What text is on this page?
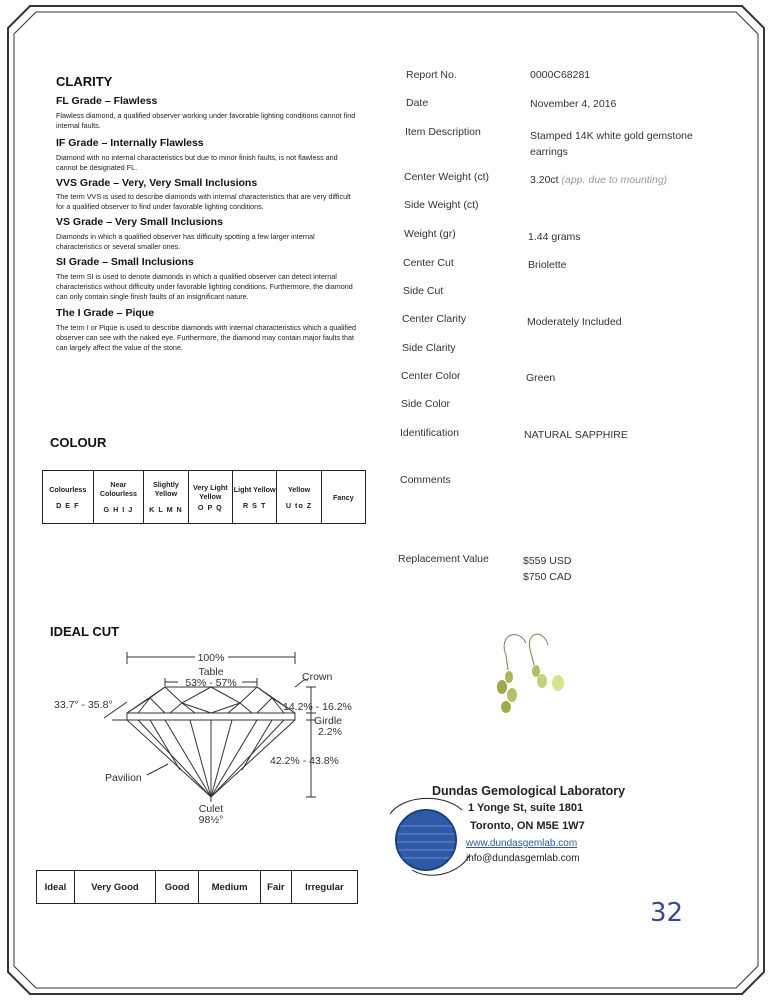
CLARITY
FL Grade – Flawless
Flawless diamond, a qualified observer working under favorable lighting conditions cannot find internal faults.
IF Grade – Internally Flawless
Diamond with no internal characteristics but due to minor finish faults, is not flawless and cannot be designated FL.
VVS Grade – Very, Very Small Inclusions
The term VVS is used to describe diamonds with internal characteristics that are very difficult for a qualified observer to find under favorable lighting conditions.
VS Grade – Very Small Inclusions
Diamonds in which a qualified observer has difficulty spotting a few larger internal characteristics or several smaller ones.
SI Grade – Small Inclusions
The term SI is used to denote diamonds in which a qualified observer can detect internal characteristics without difficulty under favorable lighting conditions. Furthermore, the diamond can only contain single finish faults of an insignificant nature.
The I Grade – Pique
The term I or Pique is used to describe diamonds with internal characteristics which a qualified observer can see with the naked eye. Furthermore, the diamond may contain major faults that can largely affect the value of the stone.
COLOUR
Colourless
D E F
	Near Colourless
G H I J
	Slightly Yellow
K L M N
	Very Light Yellow
O P Q
	Light Yellow
R S T
	Yellow
U to Z
	Fancy
IDEAL CUT
100%
Table
53% - 57%	Crown
33.7° - 35.8°	14.2% - 16.2%
Girdle
2.2%
42.2% - 43.8%
Pavilion
Culet
98½°
Ideal	Very Good	Good	Medium	Fair	Irregular
Report No.	0000C68281
Date	November 4, 2016
Item Description	Stamped 14K white gold gemstone earrings
Center Weight (ct)	3.20ct (app. due to mounting)
Side Weight (ct)
Weight (gr)	1.44 grams
Center Cut	Briolette
Side Cut
Center Clarity	Moderately Included
Side Clarity
Center Color	Green
Side Color
Identification	NATURAL SAPPHIRE
Comments
Replacement Value	$559 USD
$750 CAD
Dundas Gemological Laboratory
1 Yonge St, suite 1801
Toronto, ON M5E 1W7
www.dundasgemlab.com
info@dundasgemlab.com
32
